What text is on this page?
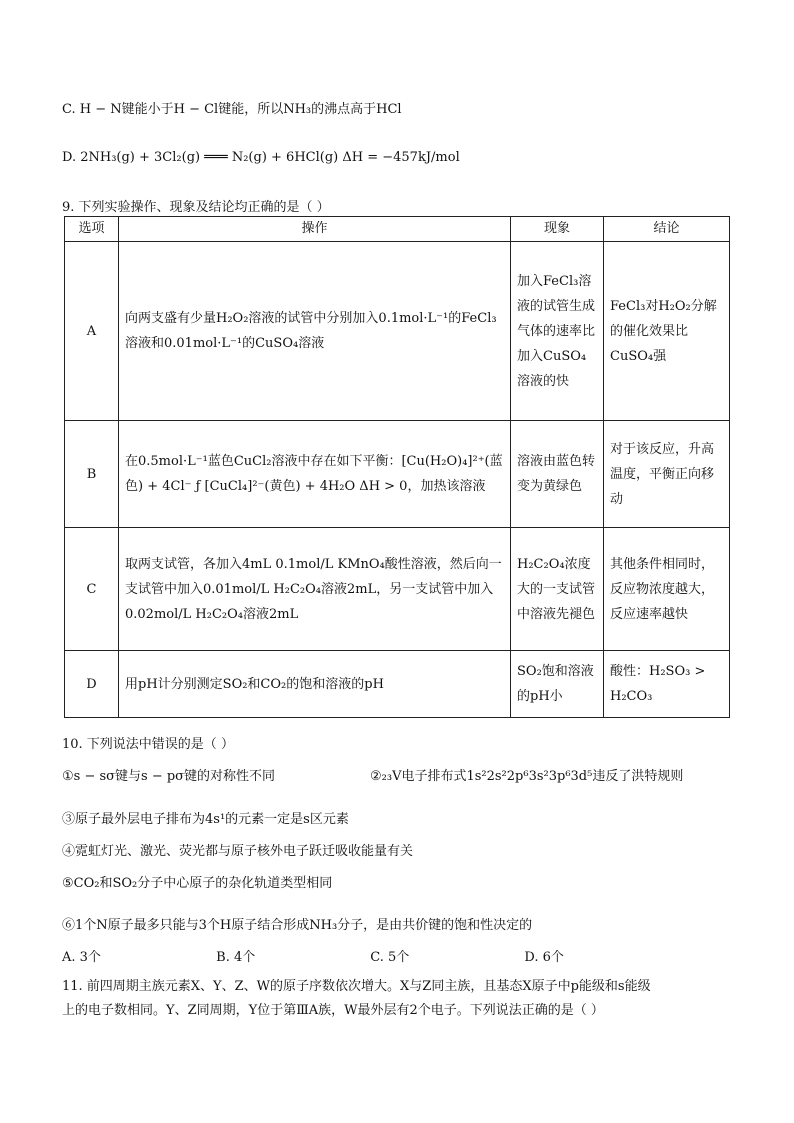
C. H − N键能小于H − Cl键能，所以NH₃的沸点高于HCl
D. 2NH₃(g) + 3Cl₂(g) ═══ N₂(g) + 6HCl(g) ΔH = −457kJ/mol
9. 下列实验操作、现象及结论均正确的是（ ）
选项	操作	现象	结论
A	向两支盛有少量H₂O₂溶液的试管中分别加入0.1mol·L⁻¹的FeCl₃溶液和0.01mol·L⁻¹的CuSO₄溶液	加入FeCl₃溶液的试管生成气体的速率比加入CuSO₄溶液的快	FeCl₃对H₂O₂分解的催化效果比CuSO₄强
B	在0.5mol·L⁻¹蓝色CuCl₂溶液中存在如下平衡：[Cu(H₂O)₄]²⁺(蓝色) + 4Cl⁻ ƒ [CuCl₄]²⁻(黄色) + 4H₂O ΔH > 0，加热该溶液	溶液由蓝色转变为黄绿色	对于该反应，升高温度，平衡正向移动
C	取两支试管，各加入4mL 0.1mol/L KMnO₄酸性溶液，然后向一支试管中加入0.01mol/L H₂C₂O₄溶液2mL，另一支试管中加入0.02mol/L H₂C₂O₄溶液2mL	H₂C₂O₄浓度大的一支试管中溶液先褪色	其他条件相同时，反应物浓度越大，反应速率越快
D	用pH计分别测定SO₂和CO₂的饱和溶液的pH	SO₂饱和溶液的pH小	酸性：H₂SO₃ > H₂CO₃
10. 下列说法中错误的是（ ）
①s − sσ键与s − pσ键的对称性不同	②₂₃V电子排布式1s²2s²2p⁶3s²3p⁶3d⁵违反了洪特规则
③原子最外层电子排布为4s¹的元素一定是s区元素
④霓虹灯光、激光、荧光都与原子核外电子跃迁吸收能量有关
⑤CO₂和SO₂分子中心原子的杂化轨道类型相同
⑥1个N原子最多只能与3个H原子结合形成NH₃分子，是由共价键的饱和性决定的
A. 3个	B. 4个	C. 5个	D. 6个
11. 前四周期主族元素X、Y、Z、W的原子序数依次增大。X与Z同主族，且基态X原子中p能级和s能级
上的电子数相同。Y、Z同周期，Y位于第ⅢA族，W最外层有2个电子。下列说法正确的是（ ）
